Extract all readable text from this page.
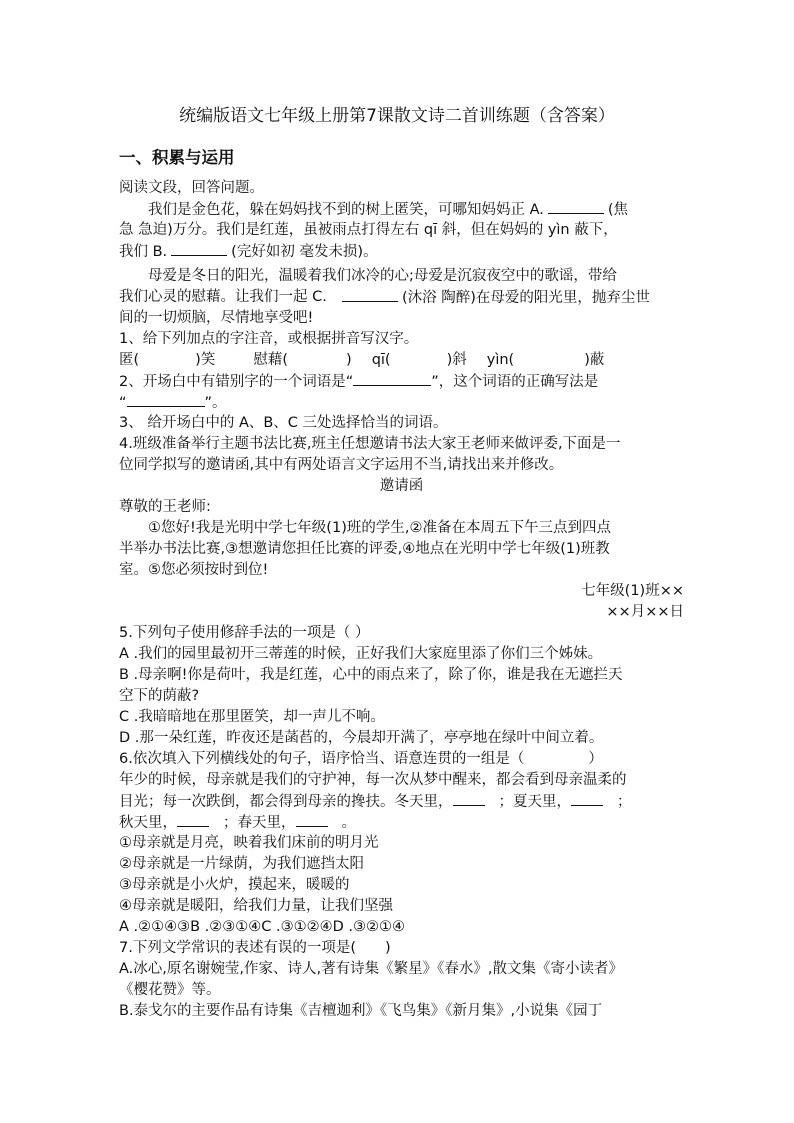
统编版语文七年级上册第7课散文诗二首训练题（含答案）
一、积累与运用
阅读文段，回答问题。
我们是金色花，躲在妈妈找不到的树上匿笑，可哪知妈妈正 A.	(焦
急 急迫)万分。我们是红莲，虽被雨点打得左右 qī 斜，但在妈妈的 yìn 蔽下，
我们 B.	(完好如初 毫发未损)。
母爱是冬日的阳光，温暖着我们冰冷的心;母爱是沉寂夜空中的歌谣，带给
我们心灵的慰藉。让我们一起 C.	(沐浴 陶醉)在母爱的阳光里，抛弃尘世
间的一切烦脑，尽情地享受吧!
1、给下列加点的字注音，或根据拼音写汉字。
匿(	)笑	慰藉(	) qī(	)斜 yìn(	)蔽
2、开场白中有错别字的一个词语是“	”，这个词语的正确写法是
“	”。
3、 给开场白中的 A、B、C 三处选择恰当的词语。
4.班级准备举行主题书法比赛,班主任想邀请书法大家王老师来做评委,下面是一
位同学拟写的邀请函,其中有两处语言文字运用不当,请找出来并修改。
邀请函
尊敬的王老师:
①您好!我是光明中学七年级(1)班的学生,②准备在本周五下午三点到四点
半举办书法比赛,③想邀请您担任比赛的评委,④地点在光明中学七年级(1)班教
室。⑤您必须按时到位!
七年级(1)班××
××月××日
5.下列句子使用修辞手法的一项是（ ）
A .我们的园里最初开三蒂莲的时候，正好我们大家庭里添了你们三个姊妹。
B .母亲啊!你是荷叶，我是红莲，心中的雨点来了，除了你，谁是我在无遮拦天
空下的荫蔽?
C .我暗暗地在那里匿笑，却一声儿不响。
D .那一朵红莲，昨夜还是菡萏的，今晨却开满了，亭亭地在绿叶中间立着。
6.依次填入下列横线处的句子，语序恰当、语意连贯的一组是（	）
年少的时候，母亲就是我们的守护神，每一次从梦中醒来，都会看到母亲温柔的
目光；每一次跌倒，都会得到母亲的搀扶。冬天里，	；夏天里，	；
秋天里，	；春天里，	。
①母亲就是月亮，映着我们床前的明月光
②母亲就是一片绿荫，为我们遮挡太阳
③母亲就是小火炉，摸起来，暖暖的
④母亲就是暖阳，给我们力量，让我们坚强
A .②①④③B .②③①④C .③①②④D .③②①④
7.下列文学常识的表述有误的一项是(　　)
A.冰心,原名谢婉莹,作家、诗人,著有诗集《繁星》《春水》,散文集《寄小读者》
《樱花赞》等。
B.泰戈尔的主要作品有诗集《吉檀迦利》《飞鸟集》《新月集》,小说集《园丁
